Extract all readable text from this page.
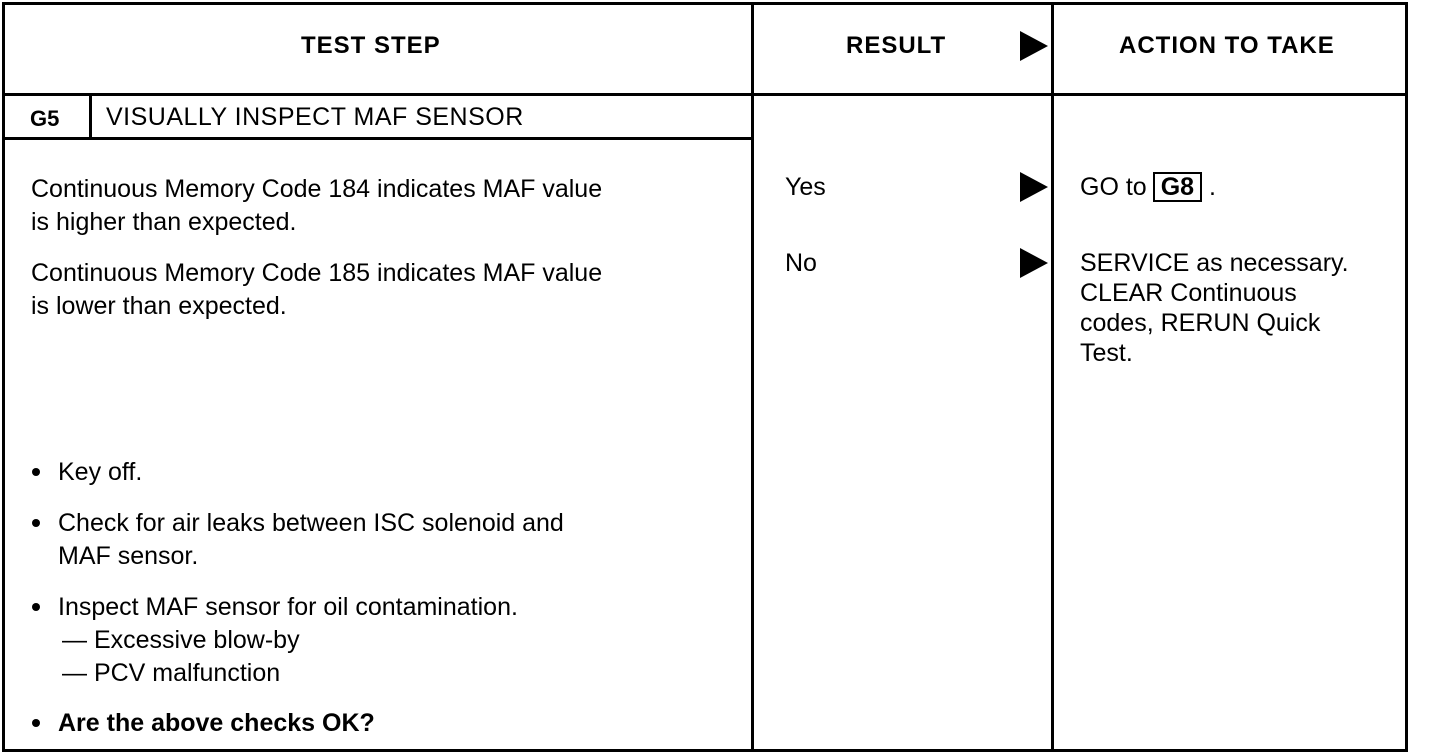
TEST STEP	RESULT	ACTION TO TAKE
G5 VISUALLY INSPECT MAF SENSOR
Continuous Memory Code 184 indicates MAF value
is higher than expected.
Continuous Memory Code 185 indicates MAF value
is lower than expected.
Key off.
Check for air leaks between ISC solenoid and
MAF sensor.
Inspect MAF sensor for oil contamination.
— Excessive blow-by
— PCV malfunction
Are the above checks OK?
Yes
No
GO to G8 .
SERVICE as necessary.
CLEAR Continuous
codes, RERUN Quick
Test.
